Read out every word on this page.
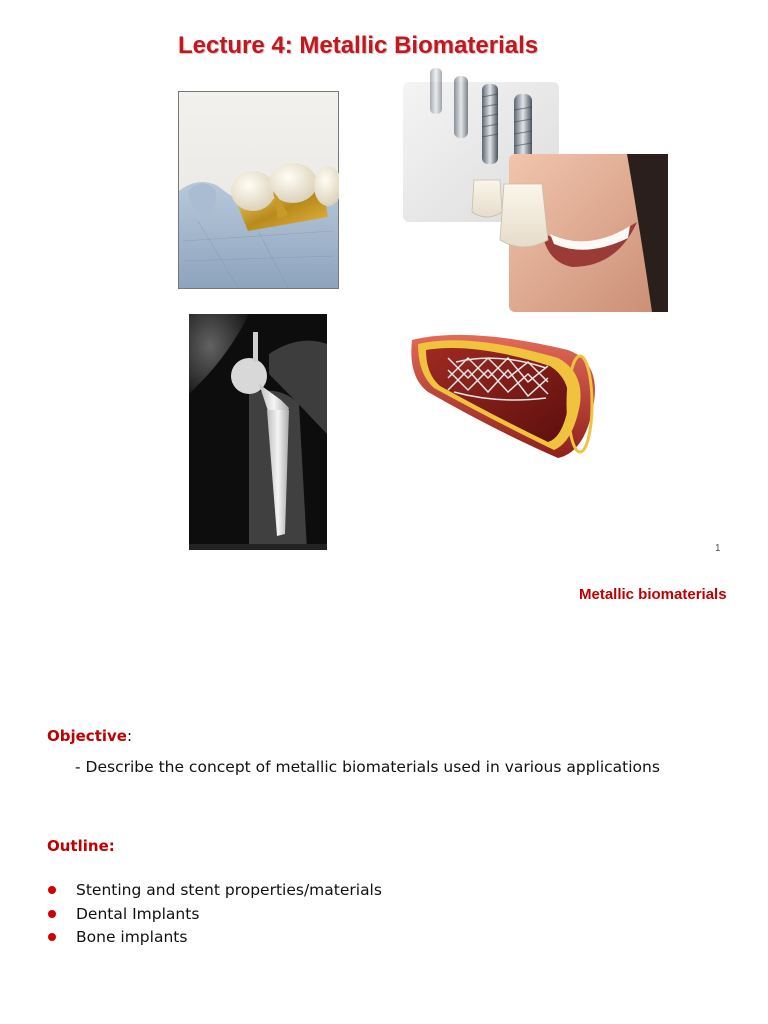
Lecture 4: Metallic Biomaterials
1
Metallic biomaterials
Objective:
- Describe the concept of metallic biomaterials used in various applications
Outline:
Stenting and stent properties/materials
Dental Implants
Bone implants
